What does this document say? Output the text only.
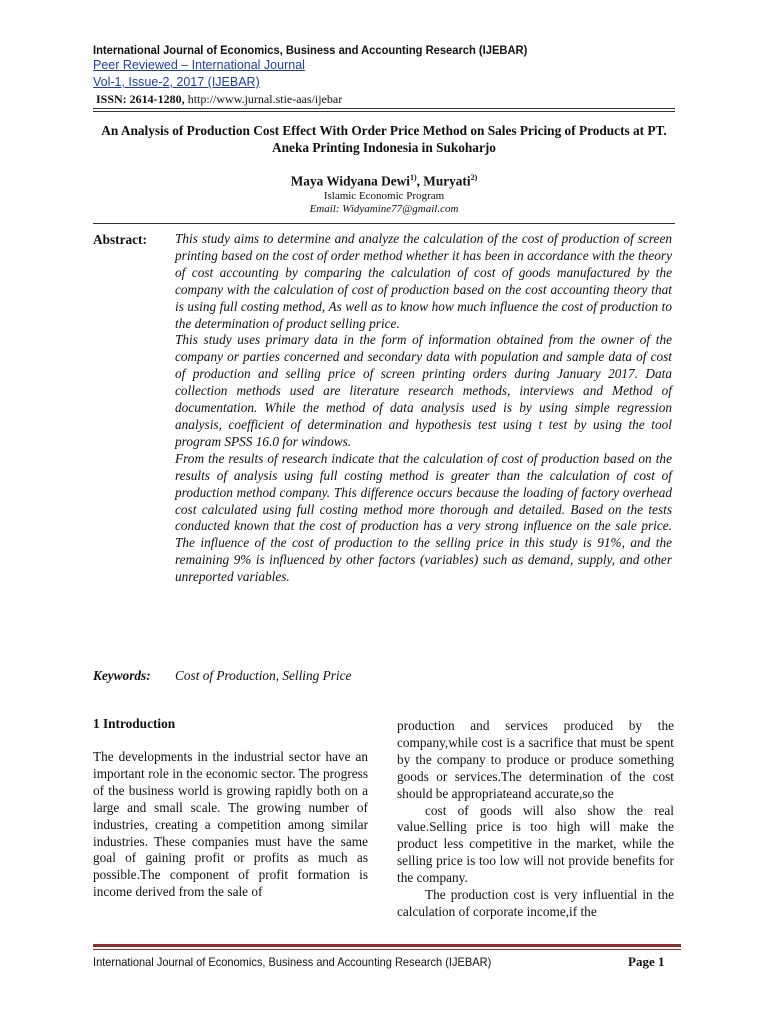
International Journal of Economics, Business and Accounting Research (IJEBAR)
Peer Reviewed – International Journal
Vol-1, Issue-2, 2017 (IJEBAR)
ISSN: 2614-1280, http://www.jurnal.stie-aas/ijebar
An Analysis of Production Cost Effect With Order Price Method on Sales Pricing of Products at PT. Aneka Printing Indonesia in Sukoharjo
Maya Widyana Dewi$^{1)}$, Muryati$^{2)}$
Islamic Economic Program
Email: Widyamine77@gmail.com
Abstract: This study aims to determine and analyze the calculation of the cost of production of screen printing based on the cost of order method whether it has been in accordance with the theory of cost accounting by comparing the calculation of cost of goods manufactured by the company with the calculation of cost of production based on the cost accounting theory that is using full costing method, As well as to know how much influence the cost of production to the determination of product selling price.

This study uses primary data in the form of information obtained from the owner of the company or parties concerned and secondary data with population and sample data of cost of production and selling price of screen printing orders during January 2017. Data collection methods used are literature research methods, interviews and Method of documentation. While the method of data analysis used is by using simple regression analysis, coefficient of determination and hypothesis test using t test by using the tool program SPSS 16.0 for windows.

From the results of research indicate that the calculation of cost of production based on the results of analysis using full costing method is greater than the calculation of cost of production method company. This difference occurs because the loading of factory overhead cost calculated using full costing method more thorough and detailed. Based on the tests conducted known that the cost of production has a very strong influence on the sale price. The influence of the cost of production to the selling price in this study is 91%, and the remaining 9% is influenced by other factors (variables) such as demand, supply, and other unreported variables.

Keywords: Cost of Production, Selling Price
1 Introduction

The developments in the industrial sector have an important role in the economic sector. The progress of the business world is growing rapidly both on a large and small scale. The growing number of industries, creating a competition among similar industries. These companies must have the same goal of gaining profit or profits as much as possible.The component of profit formation is income derived from the sale of

production and services produced by the company,while cost is a sacrifice that must be spent by the company to produce or produce something goods or services.The determination of the cost should be appropriateand accurate,so the

cost of goods will also show the real value.Selling price is too high will make the product less competitive in the market, while the selling price is too low will not provide benefits for the company.

The production cost is very influential in the calculation of corporate income,if the

International Journal of Economics, Business and Accounting Research (IJEBAR)	Page 1
